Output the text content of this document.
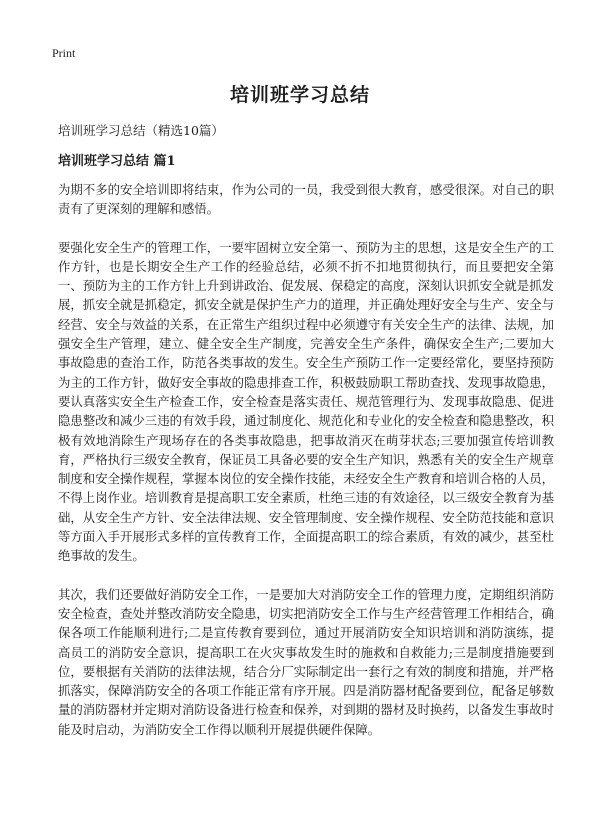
Print
培训班学习总结
培训班学习总结（精选10篇）
培训班学习总结 篇1

为期不多的安全培训即将结束，作为公司的一员，我受到很大教育，感受很深。对自己的职责有了更深刻的理解和感悟。

要强化安全生产的管理工作，一要牢固树立安全第一、预防为主的思想，这是安全生产的工作方针，也是长期安全生产工作的经验总结，必须不折不扣地贯彻执行，而且要把安全第一、预防为主的工作方针上升到讲政治、促发展、保稳定的高度，深刻认识抓安全就是抓发展，抓安全就是抓稳定，抓安全就是保护生产力的道理，并正确处理好安全与生产、安全与经营、安全与效益的关系，在正常生产组织过程中必须遵守有关安全生产的法律、法规，加强安全生产管理，建立、健全安全生产制度，完善安全生产条件，确保安全生产;二要加大事故隐患的查治工作，防范各类事故的发生。安全生产预防工作一定要经常化，要坚持预防为主的工作方针，做好安全事故的隐患排查工作，积极鼓励职工帮助查找、发现事故隐患，要认真落实安全生产检查工作，安全检查是落实责任、规范管理行为、发现事故隐患、促进隐患整改和减少三违的有效手段，通过制度化、规范化和专业化的安全检查和隐患整改，积极有效地消除生产现场存在的各类事故隐患，把事故消灭在萌芽状态;三要加强宣传培训教育，严格执行三级安全教育，保证员工具备必要的安全生产知识，熟悉有关的安全生产规章制度和安全操作规程，掌握本岗位的安全操作技能，未经安全生产教育和培训合格的人员，不得上岗作业。培训教育是提高职工安全素质，杜绝三违的有效途径，以三级安全教育为基础，从安全生产方针、安全法律法规、安全管理制度、安全操作规程、安全防范技能和意识等方面入手开展形式多样的宣传教育工作，全面提高职工的综合素质，有效的减少，甚至杜绝事故的发生。

其次，我们还要做好消防安全工作，一是要加大对消防安全工作的管理力度，定期组织消防安全检查，查处并整改消防安全隐患，切实把消防安全工作与生产经营管理工作相结合，确保各项工作能顺利进行;二是宣传教育要到位，通过开展消防安全知识培训和消防演练，提高员工的消防安全意识，提高职工在火灾事故发生时的施救和自救能力;三是制度措施要到位，要根据有关消防的法律法规，结合分厂实际制定出一套行之有效的制度和措施，并严格抓落实，保障消防安全的各项工作能正常有序开展。四是消防器材配备要到位，配备足够数量的消防器材并定期对消防设备进行检查和保养，对到期的器材及时换药，以备发生事故时能及时启动，为消防安全工作得以顺利开展提供硬件保障。
